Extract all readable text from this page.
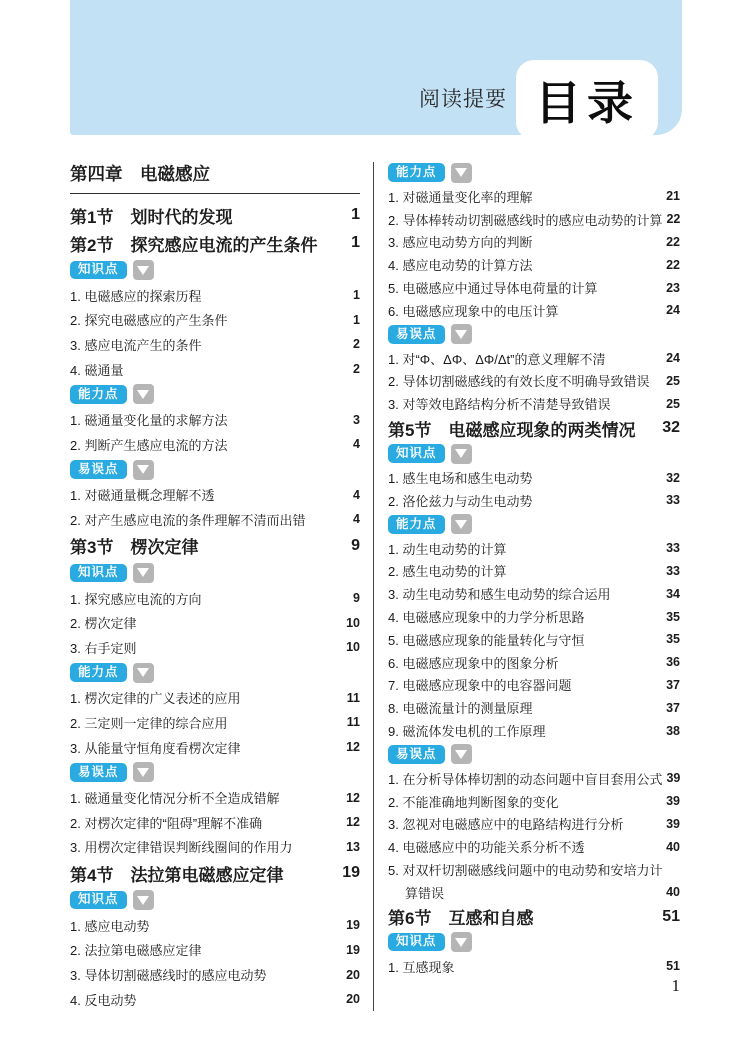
阅读提要 目录
第四章　电磁感应
第1节　划时代的发现	1
第2节　探究感应电流的产生条件 1
知识点
1. 电磁感应的探索历程	1
2. 探究电磁感应的产生条件	1
3. 感应电流产生的条件	2
4. 磁通量	2
能力点
1. 磁通量变化量的求解方法	3
2. 判断产生感应电流的方法	4
易误点
1. 对磁通量概念理解不透	4
2. 对产生感应电流的条件理解不清而出错	4
第3节　楞次定律	9
知识点
1. 探究感应电流的方向	9
2. 楞次定律	10
3. 右手定则	10
能力点
1. 楞次定律的广义表述的应用	11
2. 三定则一定律的综合应用	11
3. 从能量守恒角度看楞次定律	12
易误点
1. 磁通量变化情况分析不全造成错解	12
2. 对楞次定律的“阻碍”理解不准确	12
3. 用楞次定律错误判断线圈间的作用力	13
第4节　法拉第电磁感应定律	19
知识点
1. 感应电动势	19
2. 法拉第电磁感应定律	19
3. 导体切割磁感线时的感应电动势	20
4. 反电动势	20
能力点
1. 对磁通量变化率的理解	21
2. 导体棒转动切割磁感线时的感应电动势的计算 22
3. 感应电动势方向的判断	22
4. 感应电动势的计算方法	22
5. 电磁感应中通过导体电荷量的计算	23
6. 电磁感应现象中的电压计算	24
易误点
1. 对“Φ、ΔΦ、ΔΦ/Δt”的意义理解不清	24
2. 导体切割磁感线的有效长度不明确导致错误 25
3. 对等效电路结构分析不清楚导致错误	25
第5节　电磁感应现象的两类情况 32
知识点
1. 感生电场和感生电动势	32
2. 洛伦兹力与动生电动势	33
能力点
1. 动生电动势的计算	33
2. 感生电动势的计算	33
3. 动生电动势和感生电动势的综合运用	34
4. 电磁感应现象中的力学分析思路	35
5. 电磁感应现象的能量转化与守恒	35
6. 电磁感应现象中的图象分析	36
7. 电磁感应现象中的电容器问题	37
8. 电磁流量计的测量原理	37
9. 磁流体发电机的工作原理	38
易误点
1. 在分析导体棒切割的动态问题中盲目套用公式 39
2. 不能准确地判断图象的变化	39
3. 忽视对电磁感应中的电路结构进行分析	39
4. 电磁感应中的功能关系分析不透	40
5. 对双杆切割磁感线问题中的电动势和安培力计
算错误	40
第6节　互感和自感	51
知识点
1. 互感现象	51
1
